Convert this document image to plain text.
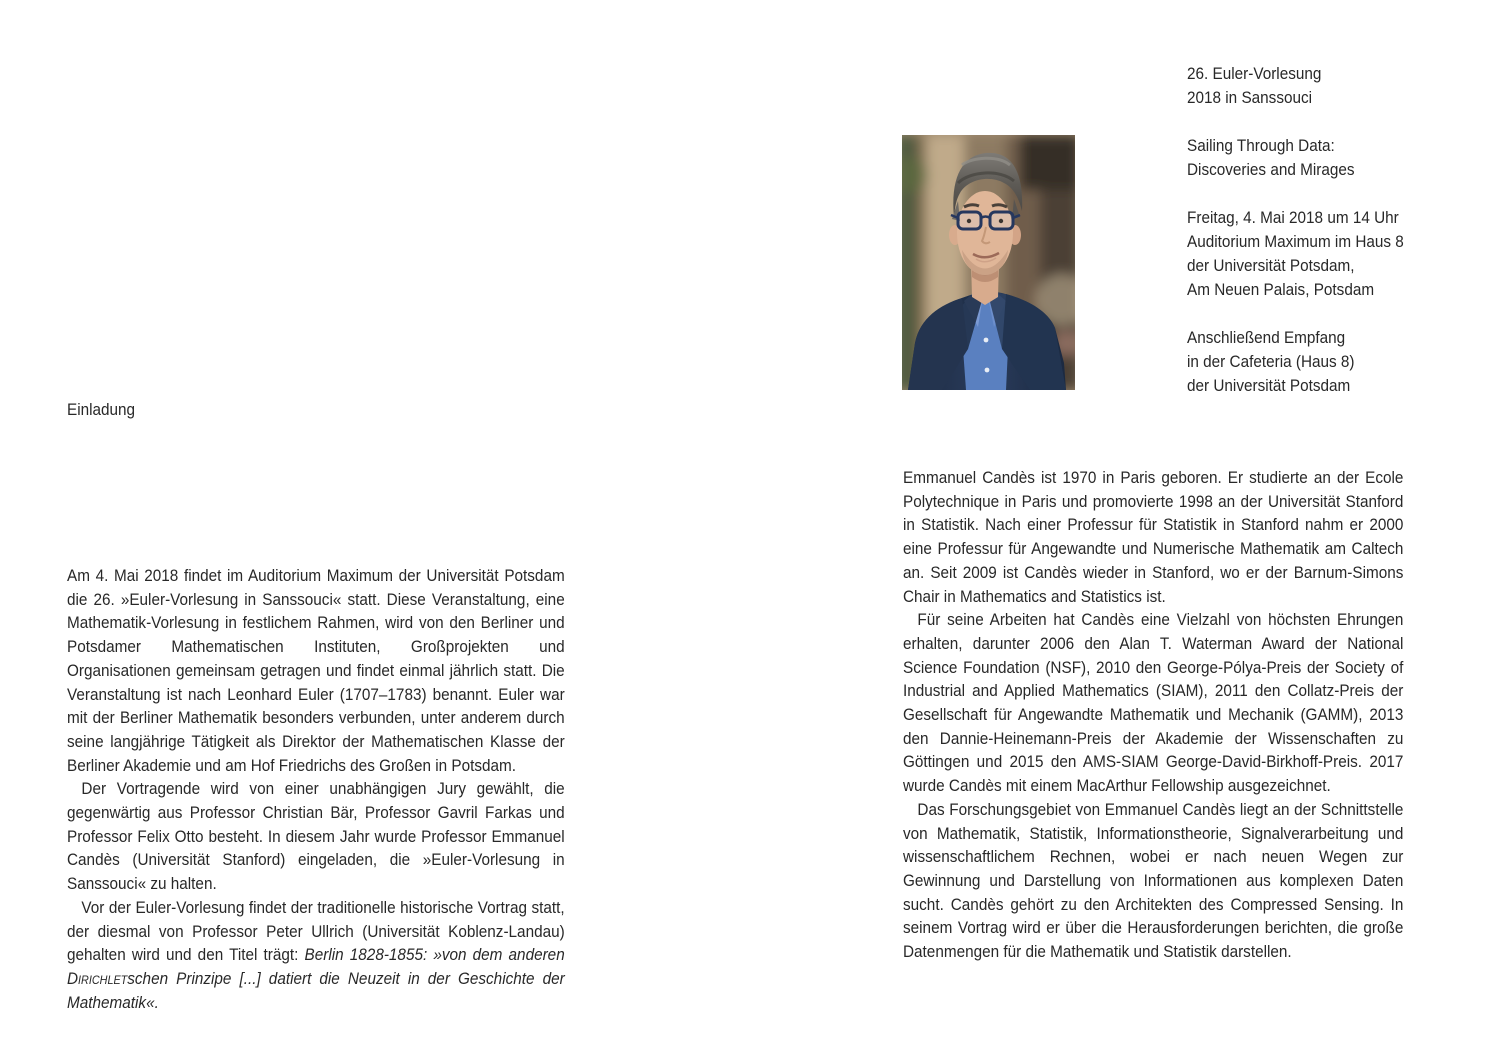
Einladung

Am 4. Mai 2018 findet im Auditorium Maximum der Universität Potsdam die 26. »Euler-Vorlesung in Sanssouci« statt. Diese Veranstaltung, eine Mathematik-Vorlesung in festlichem Rahmen, wird von den Berliner und Potsdamer Mathematischen Instituten, Großprojekten und Organisationen gemeinsam getragen und findet einmal jährlich statt. Die Veranstaltung ist nach Leonhard Euler (1707–1783) benannt. Euler war mit der Berliner Mathematik besonders verbunden, unter anderem durch seine langjährige Tätigkeit als Direktor der Mathematischen Klasse der Berliner Akademie und am Hof Friedrichs des Großen in Potsdam.

Der Vortragende wird von einer unabhängigen Jury gewählt, die gegenwärtig aus Professor Christian Bär, Professor Gavril Farkas und Professor Felix Otto besteht. In diesem Jahr wurde Professor Emmanuel Candès (Universität Stanford) eingeladen, die »Euler-Vorlesung in Sanssouci« zu halten.

Vor der Euler-Vorlesung findet der traditionelle historische Vortrag statt, der diesmal von Professor Peter Ullrich (Universität Koblenz-Landau) gehalten wird und den Titel trägt: Berlin 1828-1855: »von dem anderen Dirichletschen Prinzipe [...] datiert die Neuzeit in der Geschichte der Mathematik«.

26. Euler-Vorlesung
2018 in Sanssouci
Sailing Through Data:
Discoveries and Mirages
Freitag, 4. Mai 2018 um 14 Uhr
Auditorium Maximum im Haus 8
der Universität Potsdam,
Am Neuen Palais, Potsdam
Anschließend Empfang
in der Cafeteria (Haus 8)
der Universität Potsdam

Emmanuel Candès ist 1970 in Paris geboren. Er studierte an der Ecole Polytechnique in Paris und promovierte 1998 an der Universität Stanford in Statistik. Nach einer Professur für Statistik in Stanford nahm er 2000 eine Professur für Angewandte und Numerische Mathematik am Caltech an. Seit 2009 ist Candès wieder in Stanford, wo er der Barnum-Simons Chair in Mathematics and Statistics ist.

Für seine Arbeiten hat Candès eine Vielzahl von höchsten Ehrungen erhalten, darunter 2006 den Alan T. Waterman Award der National Science Foundation (NSF), 2010 den George-Pólya-Preis der Society of Industrial and Applied Mathematics (SIAM), 2011 den Collatz-Preis der Gesellschaft für Angewandte Mathematik und Mechanik (GAMM), 2013 den Dannie-Heinemann-Preis der Akademie der Wissenschaften zu Göttingen und 2015 den AMS-SIAM George-David-Birkhoff-Preis. 2017 wurde Candès mit einem MacArthur Fellowship ausgezeichnet.

Das Forschungsgebiet von Emmanuel Candès liegt an der Schnittstelle von Mathematik, Statistik, Informationstheorie, Signalverarbeitung und wissenschaftlichem Rechnen, wobei er nach neuen Wegen zur Gewinnung und Darstellung von Informationen aus komplexen Daten sucht. Candès gehört zu den Architekten des Compressed Sensing. In seinem Vortrag wird er über die Herausforderungen berichten, die große Datenmengen für die Mathematik und Statistik darstellen.
